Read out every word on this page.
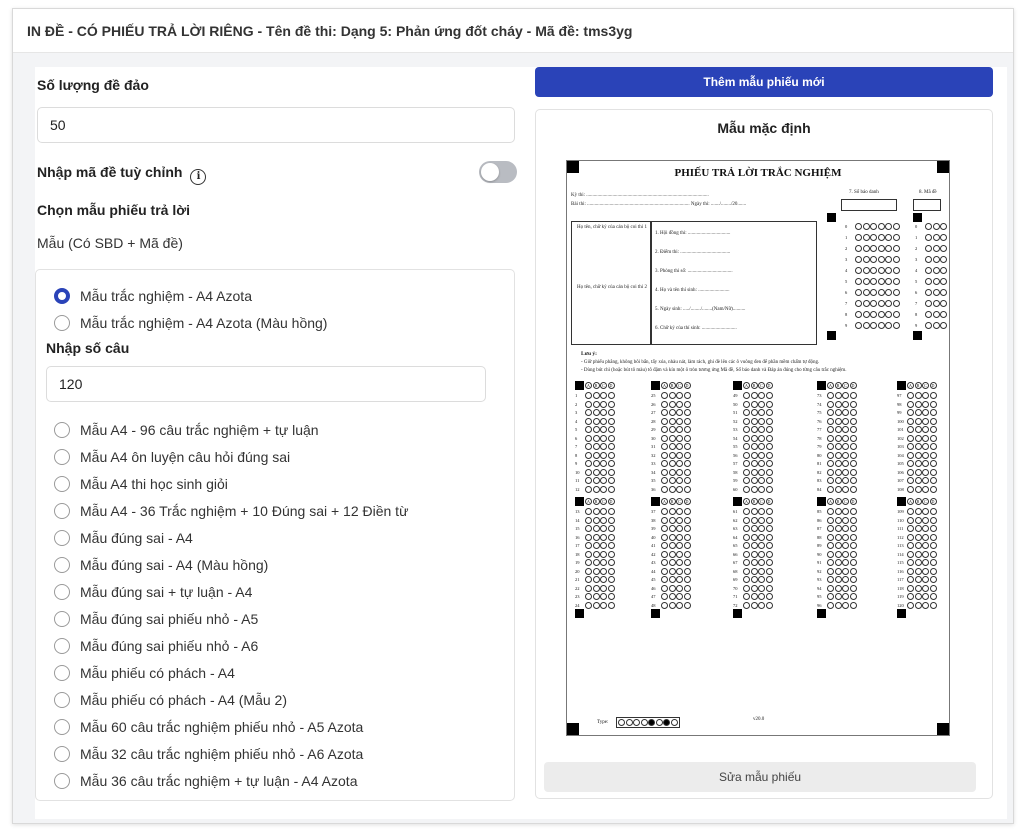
IN ĐỀ - CÓ PHIẾU TRẢ LỜI RIÊNG - Tên đề thi: Dạng 5: Phản ứng đốt cháy - Mã đề: tms3yg
Số lượng đề đảo
50
Nhập mã đề tuỳ chỉnh i
Chọn mẫu phiếu trả lời
Mẫu (Có SBD + Mã đề)
Mẫu trắc nghiệm - A4 Azota
Mẫu trắc nghiệm - A4 Azota (Màu hồng)
Nhập số câu
120
Mẫu A4 - 96 câu trắc nghiệm + tự luận
Mẫu A4 ôn luyện câu hỏi đúng sai
Mẫu A4 thi học sinh giỏi
Mẫu A4 - 36 Trắc nghiệm + 10 Đúng sai + 12 Điền từ
Mẫu đúng sai - A4
Mẫu đúng sai - A4 (Màu hồng)
Mẫu đúng sai + tự luận - A4
Mẫu đúng sai phiếu nhỏ - A5
Mẫu đúng sai phiếu nhỏ - A6
Mẫu phiếu có phách - A4
Mẫu phiếu có phách - A4 (Mẫu 2)
Mẫu 60 câu trắc nghiệm phiếu nhỏ - A5 Azota
Mẫu 32 câu trắc nghiệm phiếu nhỏ - A6 Azota
Mẫu 36 câu trắc nghiệm + tự luận - A4 Azota
Thêm mẫu phiếu mới
Mẫu mặc định
PHIẾU TRẢ LỜI TRẮC NGHIỆM
Kỳ thi: ..................................................................................................
Bài thi: .................................................................................. Ngày thi: ......./......../20.......
7. Số báo danh	8. Mã đề
Họ tên, chữ ký của cán bộ coi thi 1
Họ tên, chữ ký của cán bộ coi thi 2
1. Hội đồng thi: ..................................
2. Điểm thi: ........................................
3. Phòng thi số: ....................................
4. Họ và tên thí sinh: .........................
5. Ngày sinh: ...../......../........(Nam/Nữ)..........
6. Chữ ký của thí sinh: ............................
0	0
1	1
2	2
3	3
4	4
5	5
6	6
7	7
8	8
9	9
Lưu ý:
- Giữ phiếu phẳng, không bôi bẩn, tẩy xóa, nhàu nát, làm rách, ghi đè lên các ô vuông đen để phần mềm chấm tự động.
- Dùng bút chì (hoặc bút tô màu) tô đậm và kín một ô tròn tương ứng Mã đề, Số báo danh và Đáp án đúng cho từng câu trắc nghiệm.
A B C D
1
2
3
4
5
6
7
8
9
10
11
12
A B C D
13
14
15
16
17
18
19
20
21
22
23
24
A B C D
25
26
27
28
29
30
31
32
33
34
35
36
A B C D
37
38
39
40
41
42
43
44
45
46
47
48
A B C D
49
50
51
52
53
54
55
56
57
58
59
60
A B C D
61
62
63
64
65
66
67
68
69
70
71
72
A B C D
73
74
75
76
77
78
79
80
81
82
83
84
A B C D
85
86
87
88
89
90
91
92
93
94
95
96
A B C D
97
98
99
100
101
102
103
104
105
106
107
108
A B C D
109
110
111
112
113
114
115
116
117
118
119
120
Type:
v20.0
Sửa mẫu phiếu
